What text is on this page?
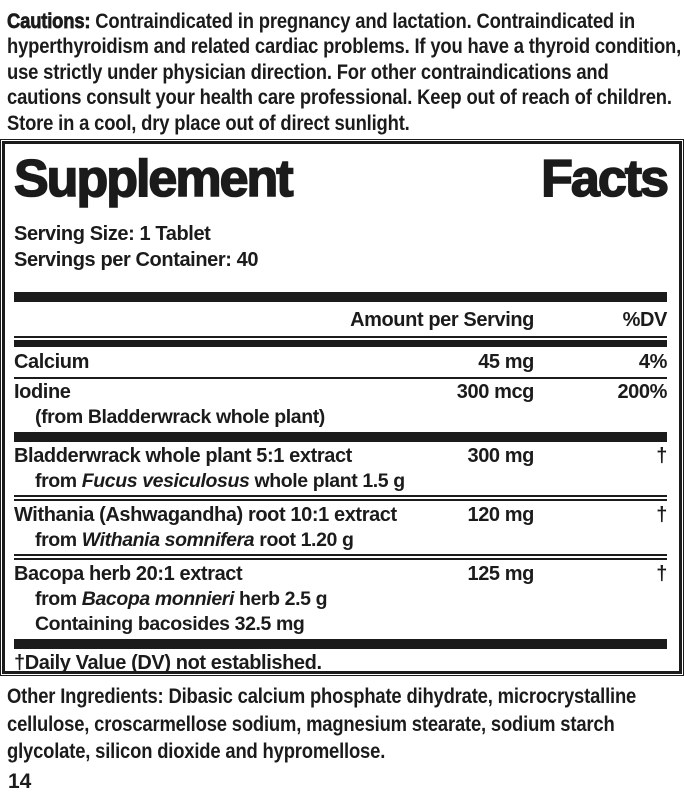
Cautions: Contraindicated in pregnancy and lactation. Contraindicated in hyperthyroidism and related cardiac problems. If you have a thyroid condition, use strictly under physician direction. For other contraindications and cautions consult your health care professional. Keep out of reach of children. Store in a cool, dry place out of direct sunlight.

Supplement	Facts
Serving Size: 1 Tablet
Servings per Container: 40
Amount per Serving	%DV
Calcium	45 mg	4%
Iodine	300 mcg	200%
(from Bladderwrack whole plant)
Bladderwrack whole plant 5:1 extract	300 mg	†
from Fucus vesiculosus whole plant 1.5 g
Withania (Ashwagandha) root 10:1 extract	120 mg	†
from Withania somnifera root 1.20 g
Bacopa herb 20:1 extract	125 mg	†
from Bacopa monnieri herb 2.5 g
Containing bacosides 32.5 mg
†Daily Value (DV) not established.

Other Ingredients: Dibasic calcium phosphate dihydrate, microcrystalline cellulose, croscarmellose sodium, magnesium stearate, sodium starch glycolate, silicon dioxide and hypromellose.

14
